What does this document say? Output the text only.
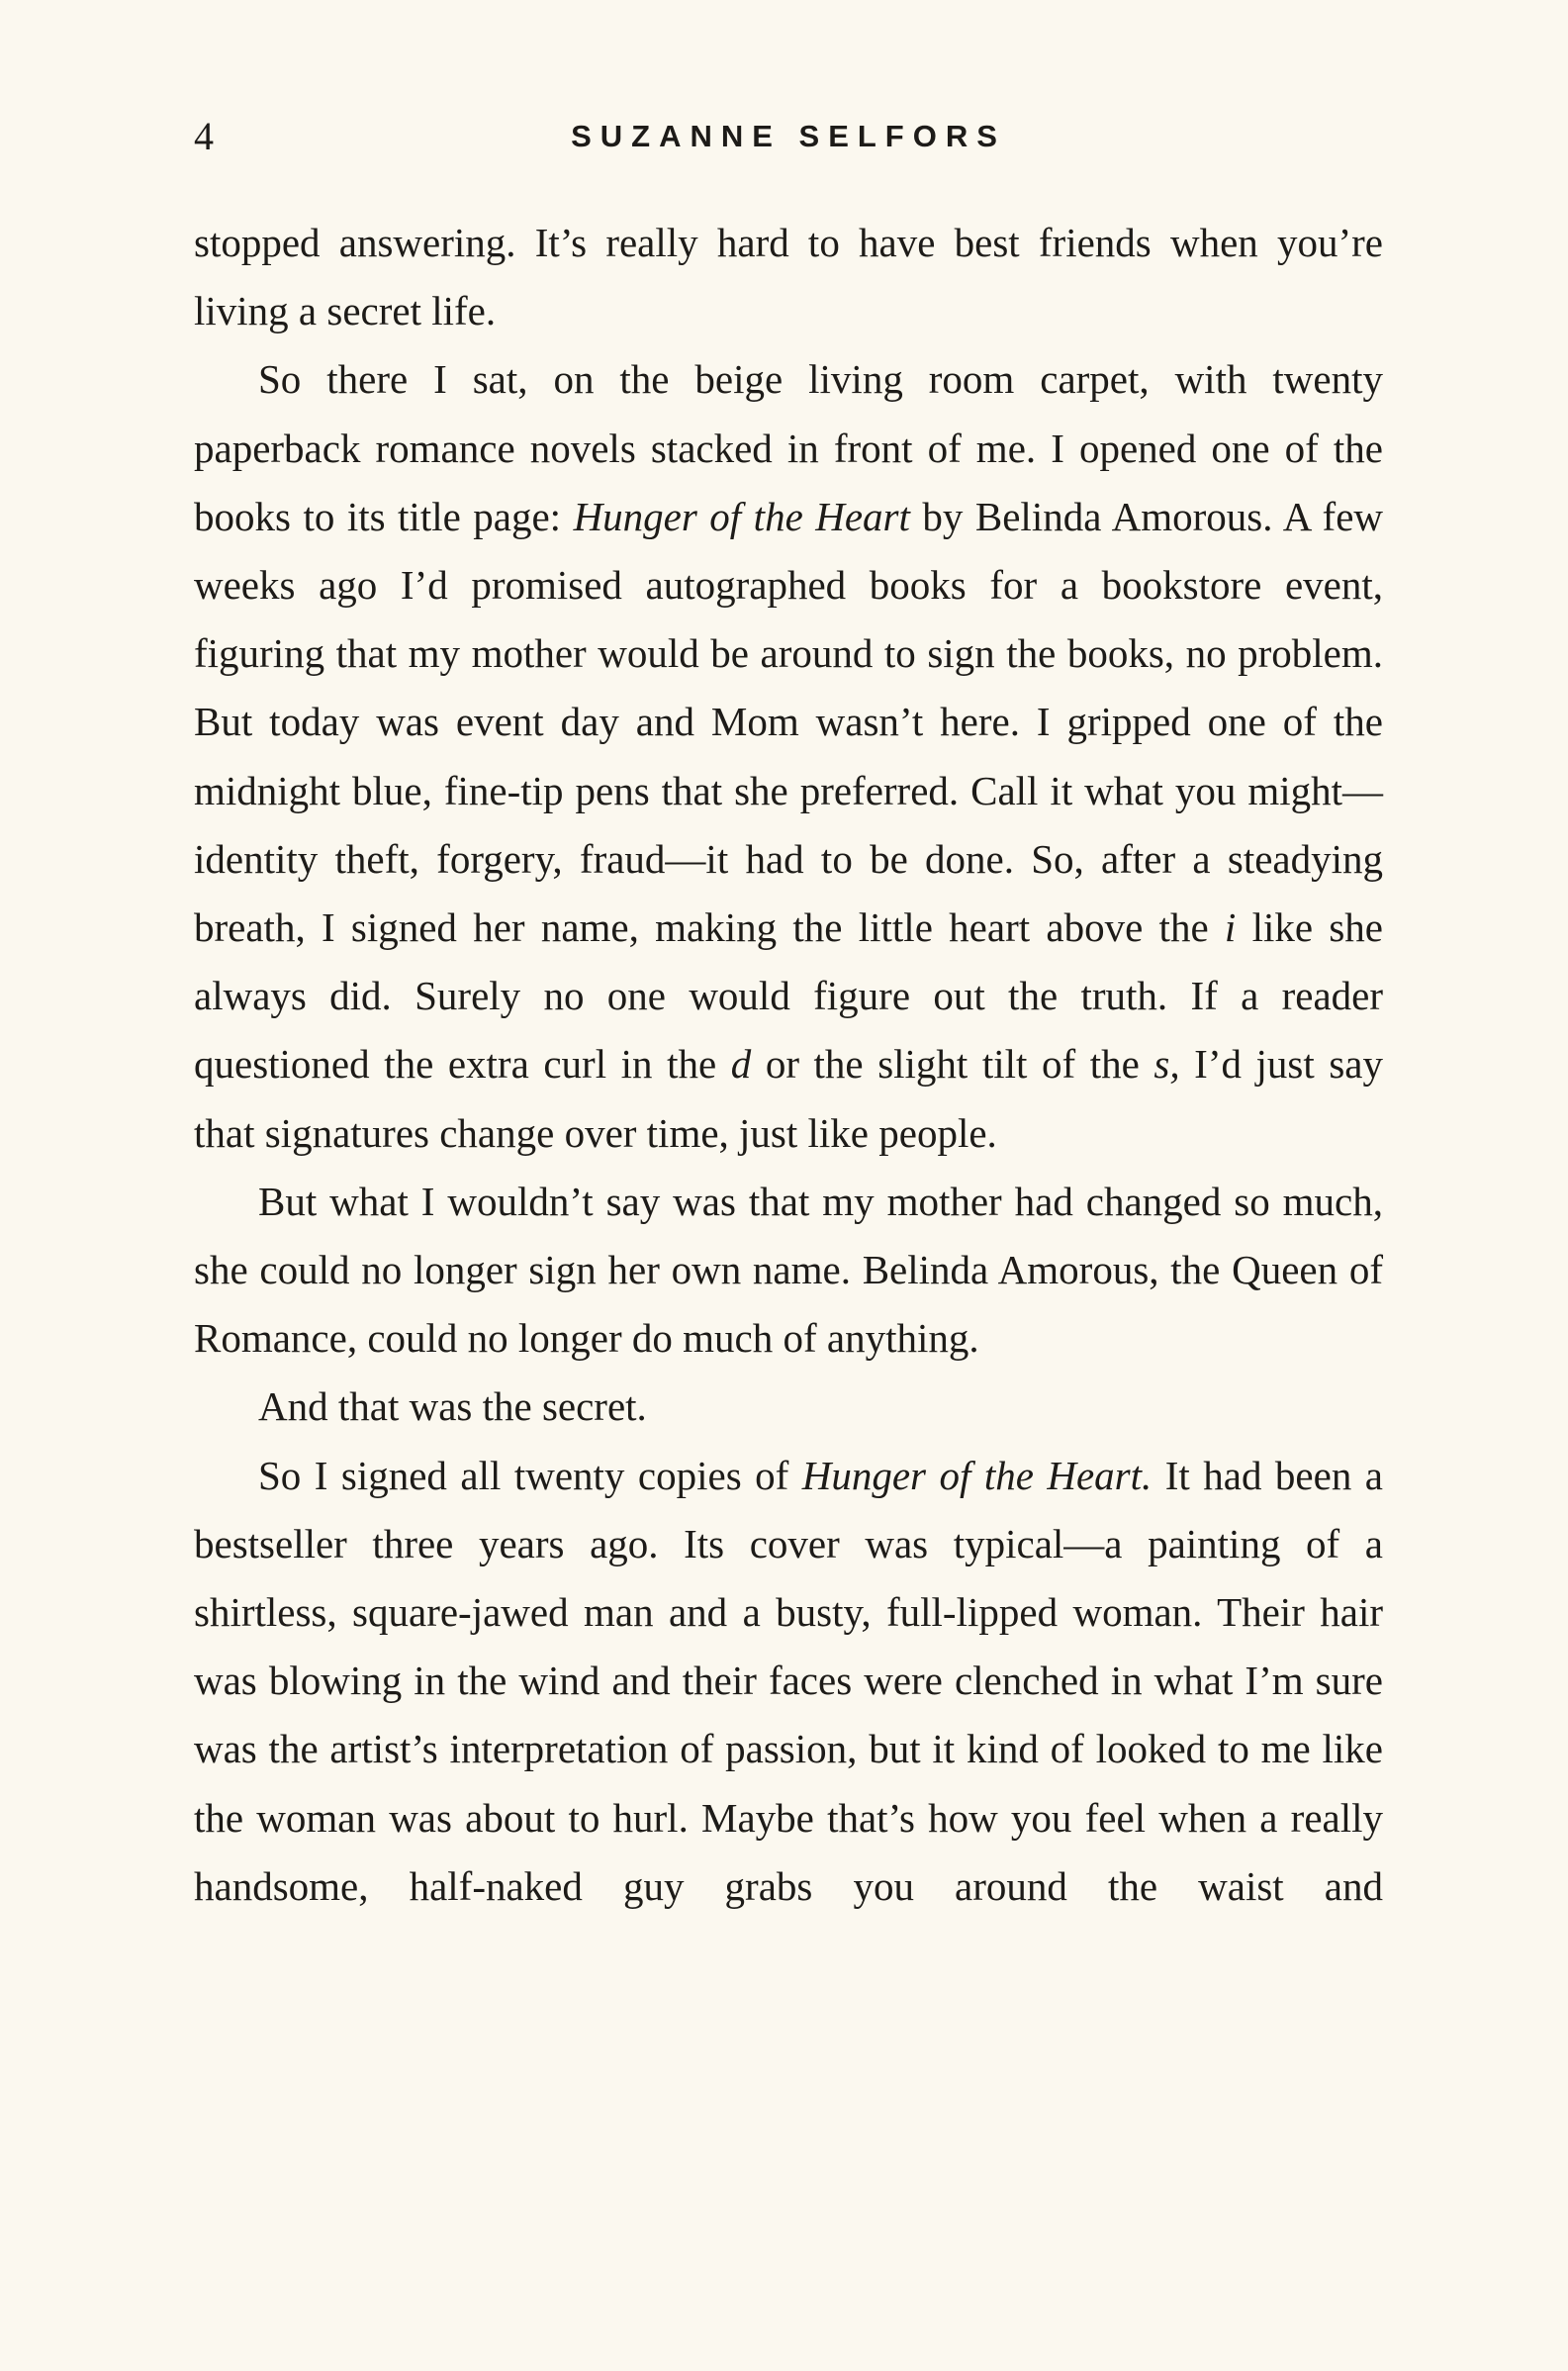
4	SUZANNE SELFORS

stopped answering. It’s really hard to have best friends when you’re living a secret life.

So there I sat, on the beige living room carpet, with twenty paperback romance novels stacked in front of me. I opened one of the books to its title page: Hunger of the Heart by Belinda Amorous. A few weeks ago I’d promised autographed books for a bookstore event, figuring that my mother would be around to sign the books, no problem. But today was event day and Mom wasn’t here. I gripped one of the midnight blue, fine-tip pens that she preferred. Call it what you might—identity theft, forgery, fraud—it had to be done. So, after a steadying breath, I signed her name, making the little heart above the i like she always did. Surely no one would figure out the truth. If a reader questioned the extra curl in the d or the slight tilt of the s, I’d just say that signatures change over time, just like people.

But what I wouldn’t say was that my mother had changed so much, she could no longer sign her own name. Belinda Amorous, the Queen of Romance, could no longer do much of anything.

And that was the secret.

So I signed all twenty copies of Hunger of the Heart. It had been a bestseller three years ago. Its cover was typical—a painting of a shirtless, square-jawed man and a busty, full-lipped woman. Their hair was blowing in the wind and their faces were clenched in what I’m sure was the artist’s interpretation of passion, but it kind of looked to me like the woman was about to hurl. Maybe that’s how you feel when a really handsome, half-naked guy grabs you around the waist and
